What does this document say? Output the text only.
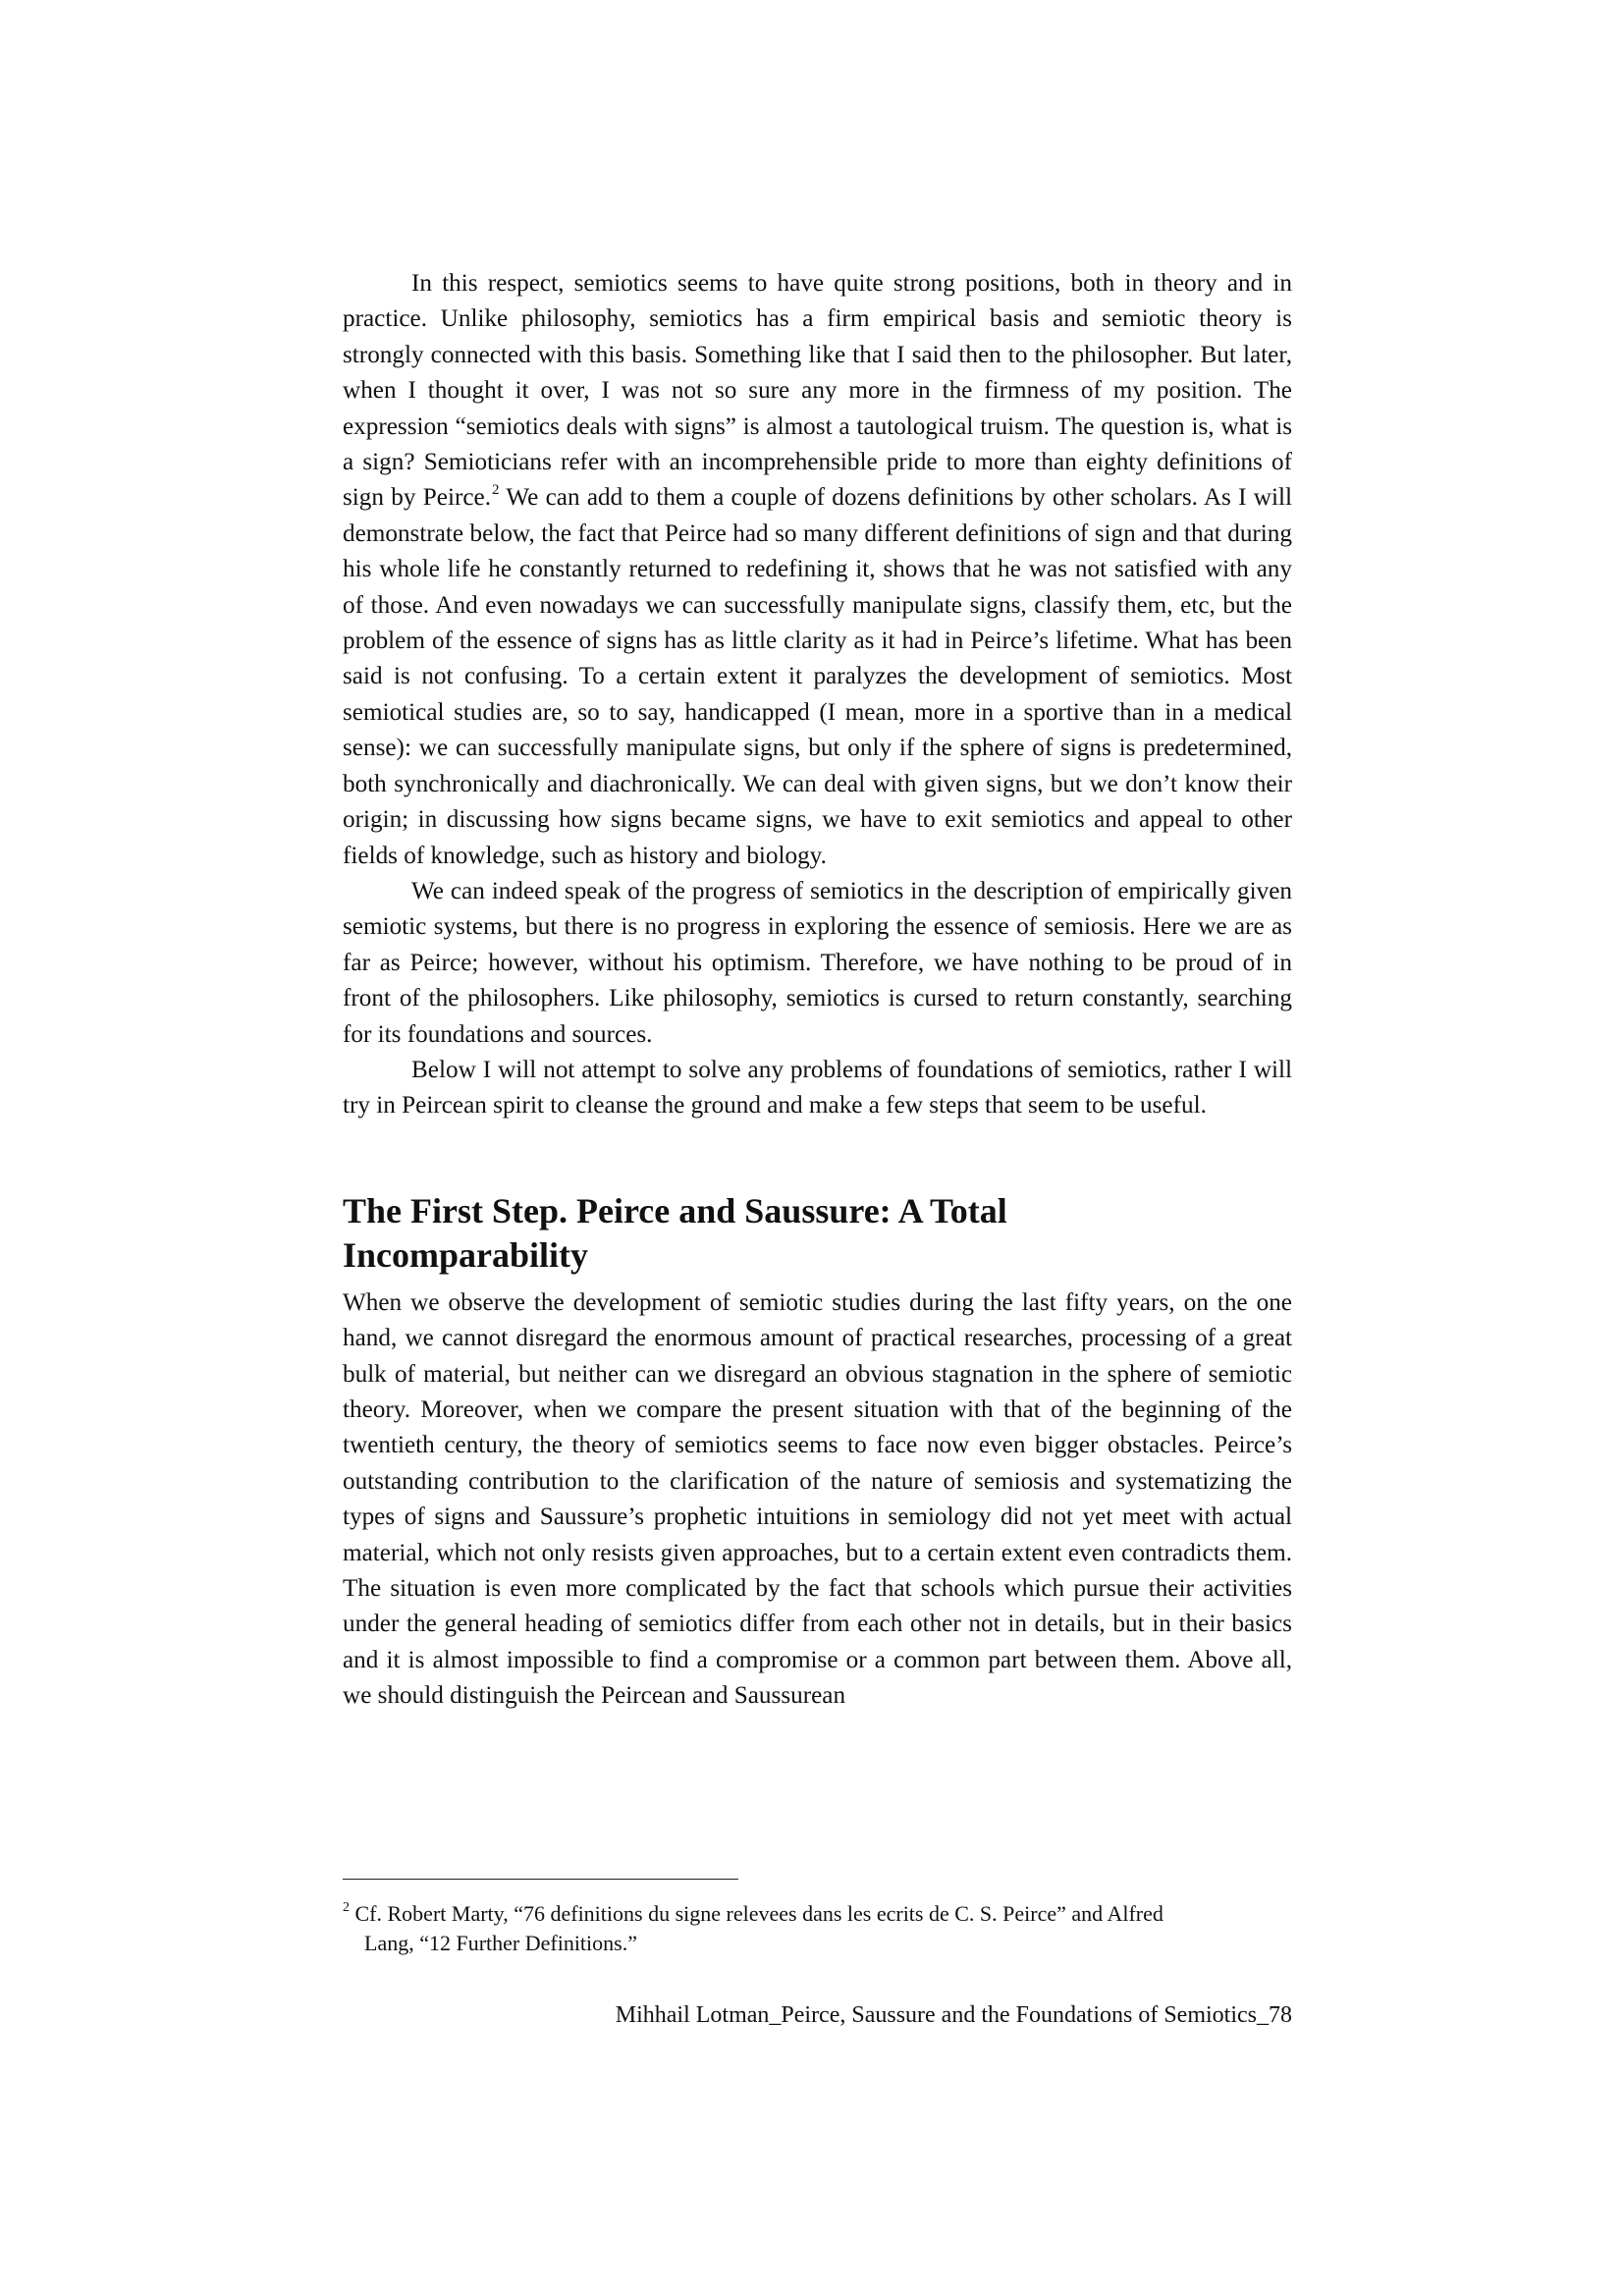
In this respect, semiotics seems to have quite strong positions, both in theory and in practice. Unlike philosophy, semiotics has a firm empirical basis and semiotic theory is strongly connected with this basis. Something like that I said then to the philosopher. But later, when I thought it over, I was not so sure any more in the firmness of my position. The expression “semiotics deals with signs” is almost a tautological truism. The question is, what is a sign? Semioticians refer with an incomprehensible pride to more than eighty definitions of sign by Peirce.$^2$ We can add to them a couple of dozens definitions by other scholars. As I will demonstrate below, the fact that Peirce had so many different definitions of sign and that during his whole life he constantly returned to redefining it, shows that he was not satisfied with any of those. And even nowadays we can successfully manipulate signs, classify them, etc, but the problem of the essence of signs has as little clarity as it had in Peirce’s lifetime. What has been said is not confusing. To a certain extent it paralyzes the development of semiotics. Most semiotical studies are, so to say, handicapped (I mean, more in a sportive than in a medical sense): we can successfully manipulate signs, but only if the sphere of signs is predetermined, both synchronically and diachronically. We can deal with given signs, but we don’t know their origin; in discussing how signs became signs, we have to exit semiotics and appeal to other fields of knowledge, such as history and biology.

We can indeed speak of the progress of semiotics in the description of empirically given semiotic systems, but there is no progress in exploring the essence of semiosis. Here we are as far as Peirce; however, without his optimism. Therefore, we have nothing to be proud of in front of the philosophers. Like philosophy, semiotics is cursed to return constantly, searching for its foundations and sources.

Below I will not attempt to solve any problems of foundations of semiotics, rather I will try in Peircean spirit to cleanse the ground and make a few steps that seem to be useful.

The First Step. Peirce and Saussure: A Total
Incomparability

When we observe the development of semiotic studies during the last fifty years, on the one hand, we cannot disregard the enormous amount of practical researches, processing of a great bulk of material, but neither can we disregard an obvious stagnation in the sphere of semiotic theory. Moreover, when we compare the present situation with that of the beginning of the twentieth century, the theory of semiotics seems to face now even bigger obstacles. Peirce’s outstanding contribution to the clarification of the nature of semiosis and systematizing the types of signs and Saussure’s prophetic intuitions in semiology did not yet meet with actual material, which not only resists given approaches, but to a certain extent even contradicts them. The situation is even more complicated by the fact that schools which pursue their activities under the general heading of semiotics differ from each other not in details, but in their basics and it is almost impossible to find a compromise or a common part between them. Above all, we should distinguish the Peircean and Saussurean

$^2$ Cf. Robert Marty, “76 definitions du signe relevees dans les ecrits de C. S. Peirce” and Alfred
Lang, “12 Further Definitions.”

Mihhail Lotman_Peirce, Saussure and the Foundations of Semiotics_78
